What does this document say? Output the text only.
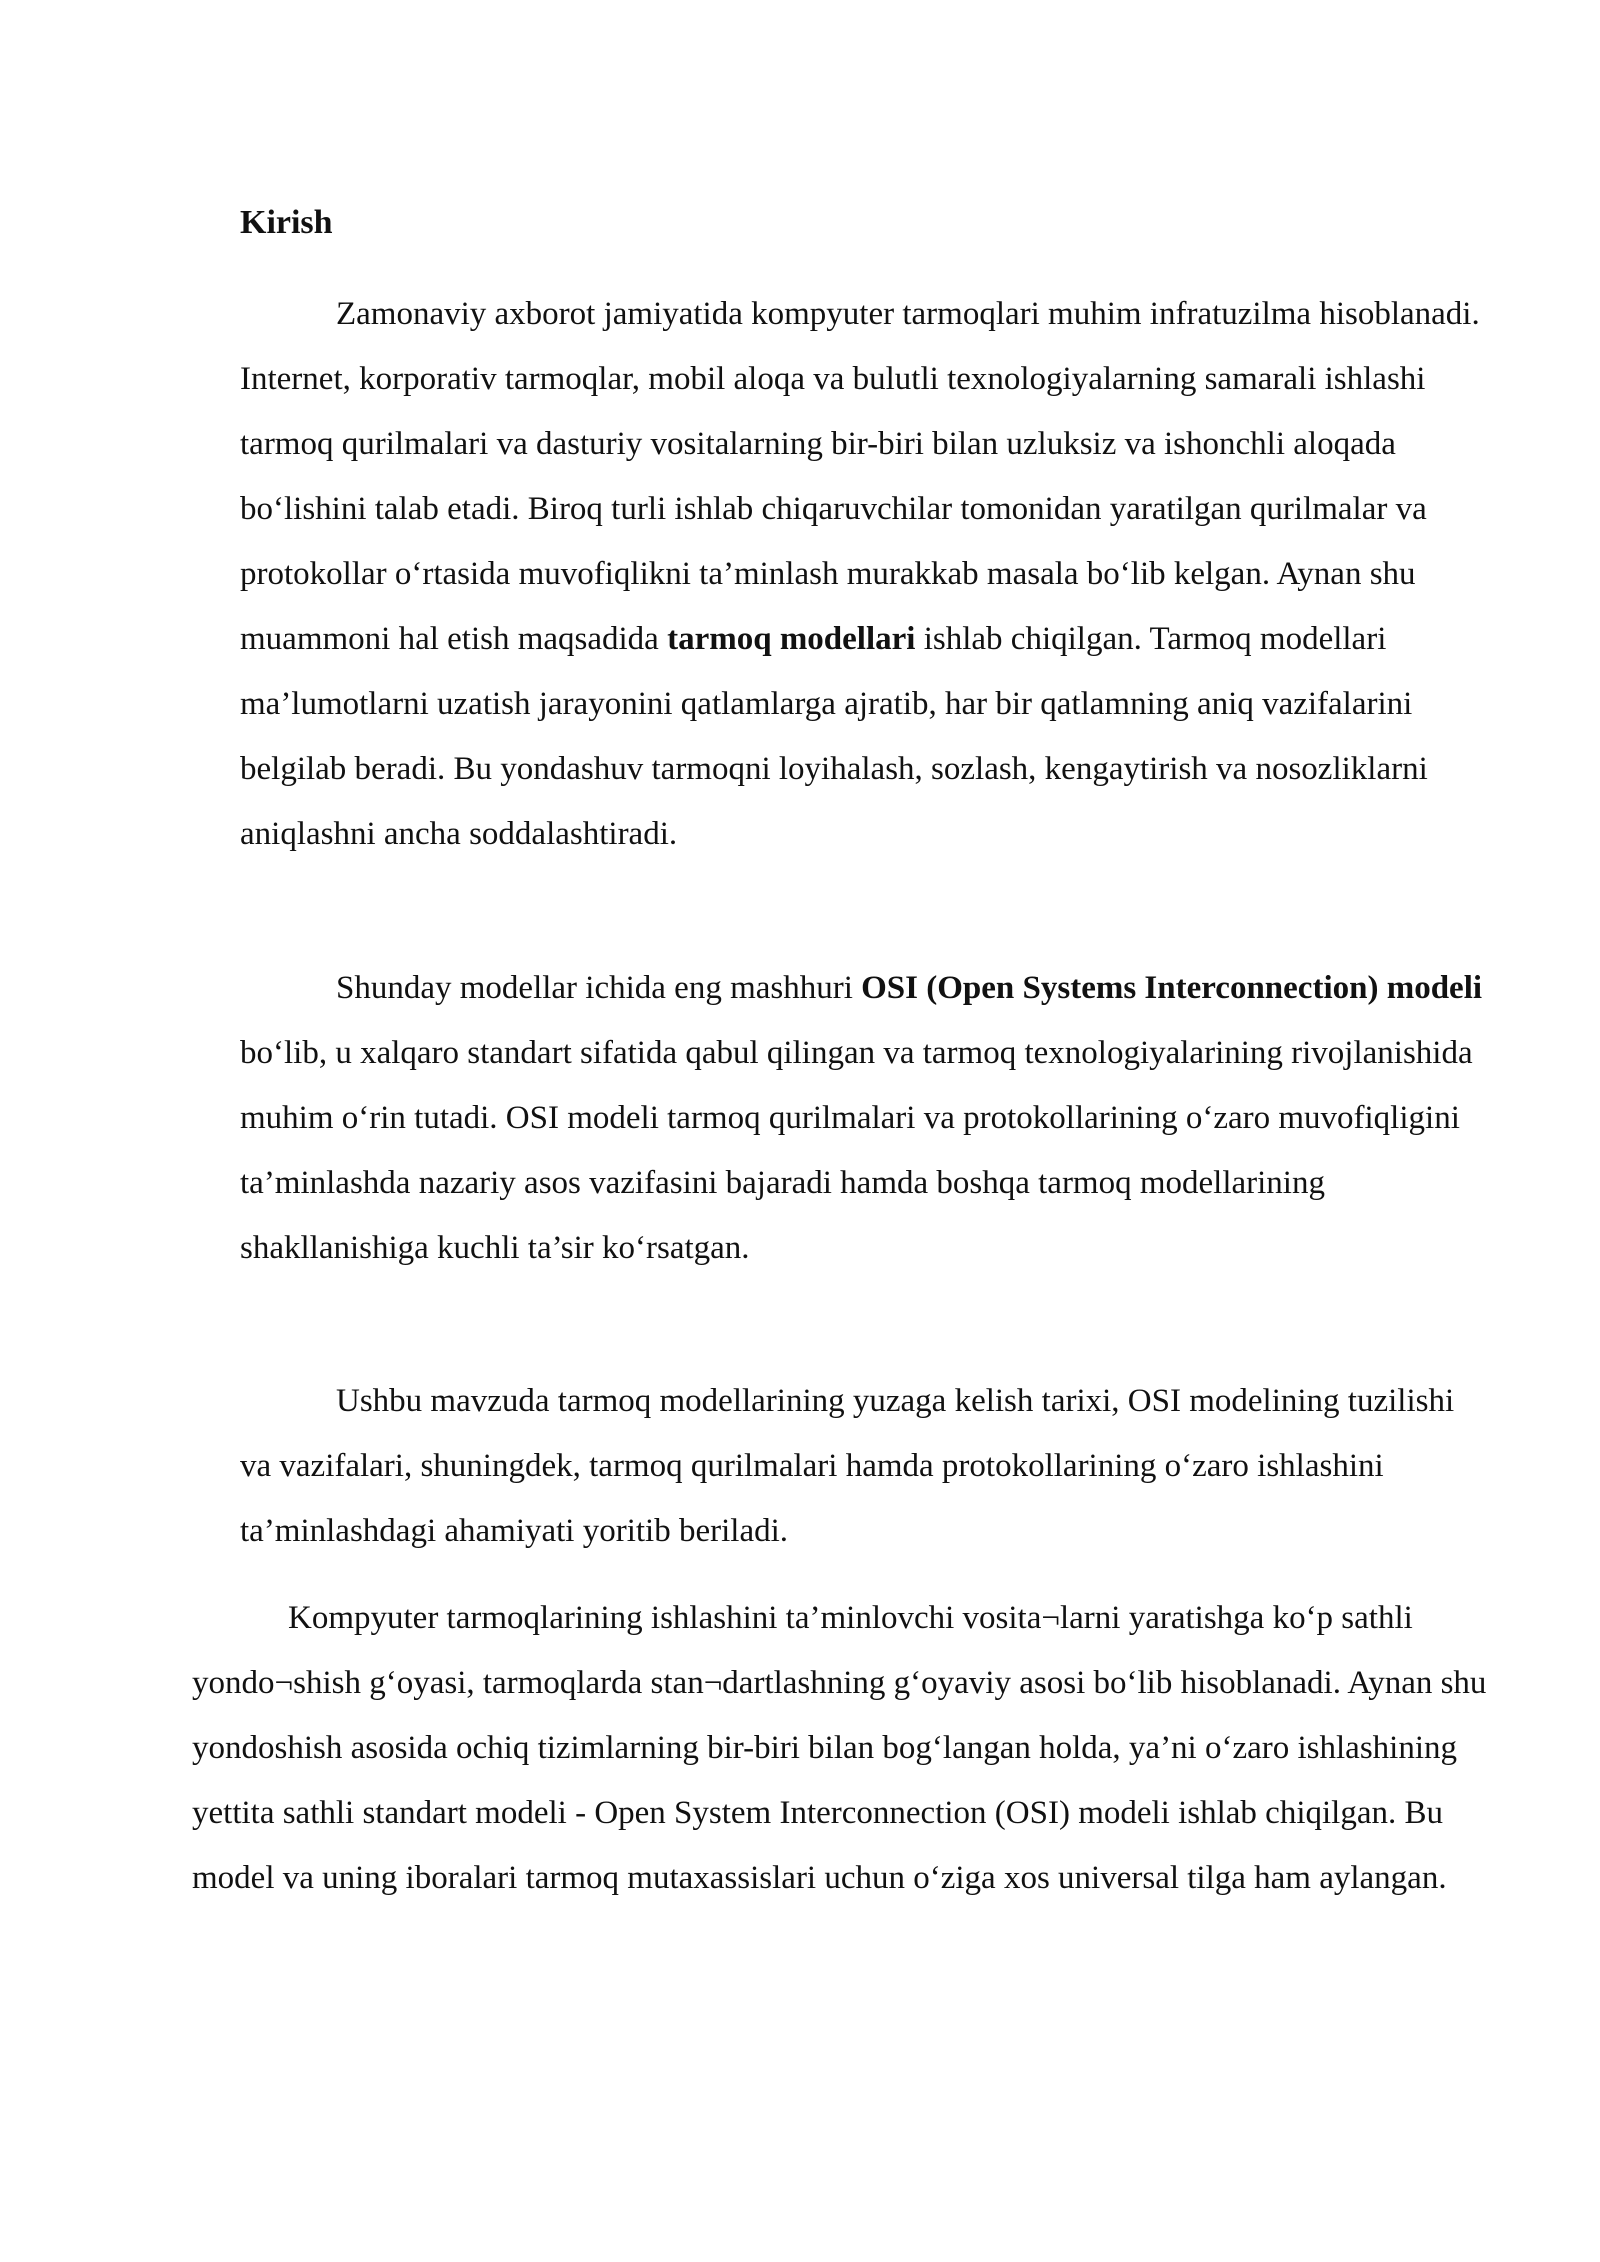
Kirish

Zamonaviy axborot jamiyatida kompyuter tarmoqlari muhim infratuzilma hisoblanadi. Internet, korporativ tarmoqlar, mobil aloqa va bulutli texnologiyalarning samarali ishlashi tarmoq qurilmalari va dasturiy vositalarning bir-biri bilan uzluksiz va ishonchli aloqada bo‘lishini talab etadi. Biroq turli ishlab chiqaruvchilar tomonidan yaratilgan qurilmalar va protokollar o‘rtasida muvofiqlikni ta’minlash murakkab masala bo‘lib kelgan. Aynan shu muammoni hal etish maqsadida tarmoq modellari ishlab chiqilgan. Tarmoq modellari ma’lumotlarni uzatish jarayonini qatlamlarga ajratib, har bir qatlamning aniq vazifalarini belgilab beradi. Bu yondashuv tarmoqni loyihalash, sozlash, kengaytirish va nosozliklarni aniqlashni ancha soddalashtiradi.

Shunday modellar ichida eng mashhuri OSI (Open Systems Interconnection) modeli bo‘lib, u xalqaro standart sifatida qabul qilingan va tarmoq texnologiyalarining rivojlanishida muhim o‘rin tutadi. OSI modeli tarmoq qurilmalari va protokollarining o‘zaro muvofiqligini ta’minlashda nazariy asos vazifasini bajaradi hamda boshqa tarmoq modellarining shakllanishiga kuchli ta’sir ko‘rsatgan.

Ushbu mavzuda tarmoq modellarining yuzaga kelish tarixi, OSI modelining tuzilishi va vazifalari, shuningdek, tarmoq qurilmalari hamda protokollarining o‘zaro ishlashini ta’minlashdagi ahamiyati yoritib beriladi.

Kompyuter tarmoqlarining ishlashini ta’minlovchi vosita¬larni yaratishga ko‘p sathli yondo¬shish g‘oyasi, tarmoqlarda stan¬dartlashning g‘oyaviy asosi bo‘lib hisoblanadi. Aynan shu yondoshish asosida ochiq tizimlarning bir-biri bilan bog‘langan holda, ya’ni o‘zaro ishlashining yettita sathli standart modeli - Open System Interconnection (OSI) modeli ishlab chiqilgan. Bu model va uning iboralari tarmoq mutaxassislari uchun o‘ziga xos universal tilga ham aylangan.
